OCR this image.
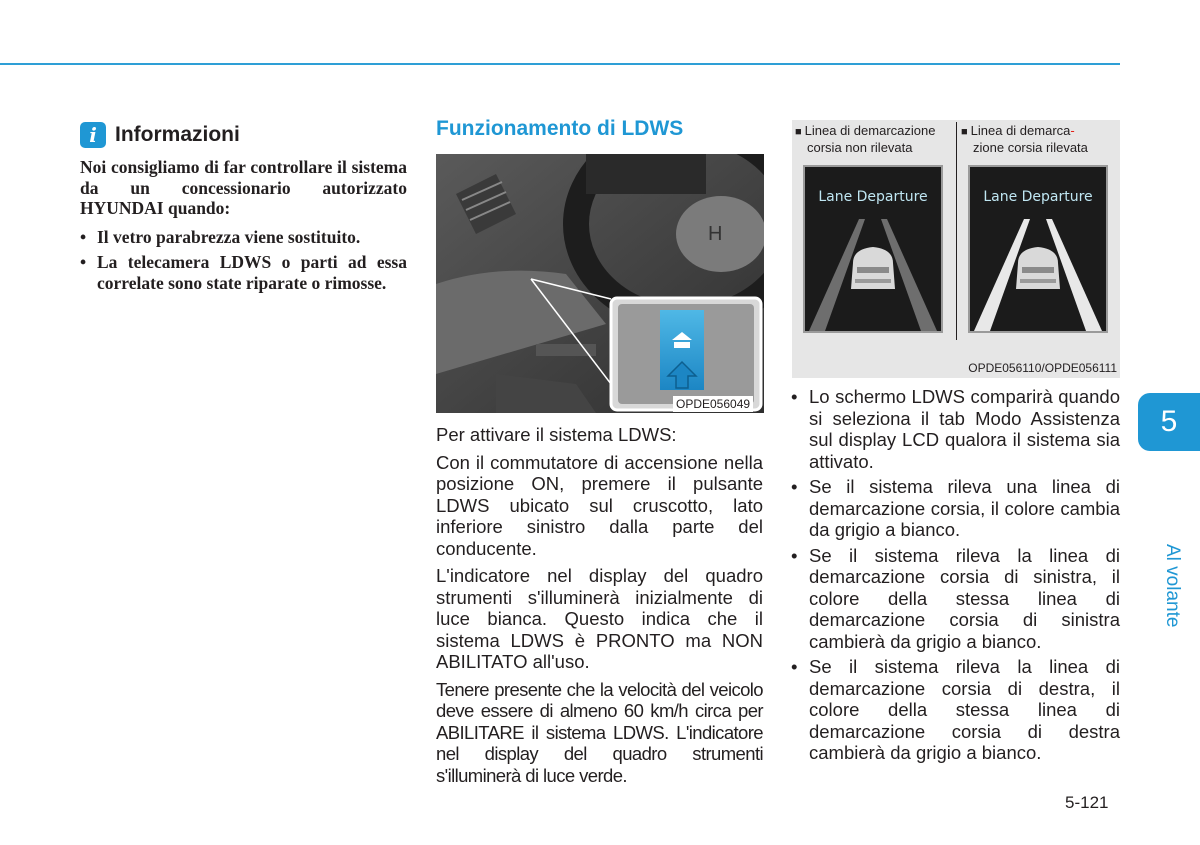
i Informazioni

Noi consigliamo di far controllare il sistema da un concessionario autorizzato HYUNDAI quando:

• Il vetro parabrezza viene sostituito.
• La telecamera LDWS o parti ad essa correlate sono state riparate o rimosse.
Funzionamento di LDWS
H
OPDE056049

Per attivare il sistema LDWS:

Con il commutatore di accensione nella posizione ON, premere il pulsante LDWS ubicato sul cruscotto, lato inferiore sinistro dalla parte del conducente.

L'indicatore nel display del quadro strumenti s'illuminerà inizialmente di luce bianca. Questo indica che il sistema LDWS è PRONTO ma NON ABILITATO all'uso.

Tenere presente che la velocità del veicolo deve essere di almeno 60 km/h circa per ABILITARE il sistema LDWS. L'indicatore nel display del quadro strumenti s'illuminerà di luce verde.

■ Linea di demarcazione
corsia non rilevata
■ Linea di demarca-
zione corsia rilevata
Lane Departure	Lane Departure
OPDE056110/OPDE056111
• Lo schermo LDWS comparirà quando si seleziona il tab Modo Assistenza sul display LCD qualora il sistema sia attivato.
• Se il sistema rileva una linea di demarcazione corsia, il colore cambia da grigio a bianco.
• Se il sistema rileva la linea di demarcazione corsia di sinistra, il colore della stessa linea di demarcazione corsia di sinistra cambierà da grigio a bianco.
• Se il sistema rileva la linea di demarcazione corsia di destra, il colore della stessa linea di demarcazione corsia di destra cambierà da grigio a bianco.
5
Al volante
5-121
